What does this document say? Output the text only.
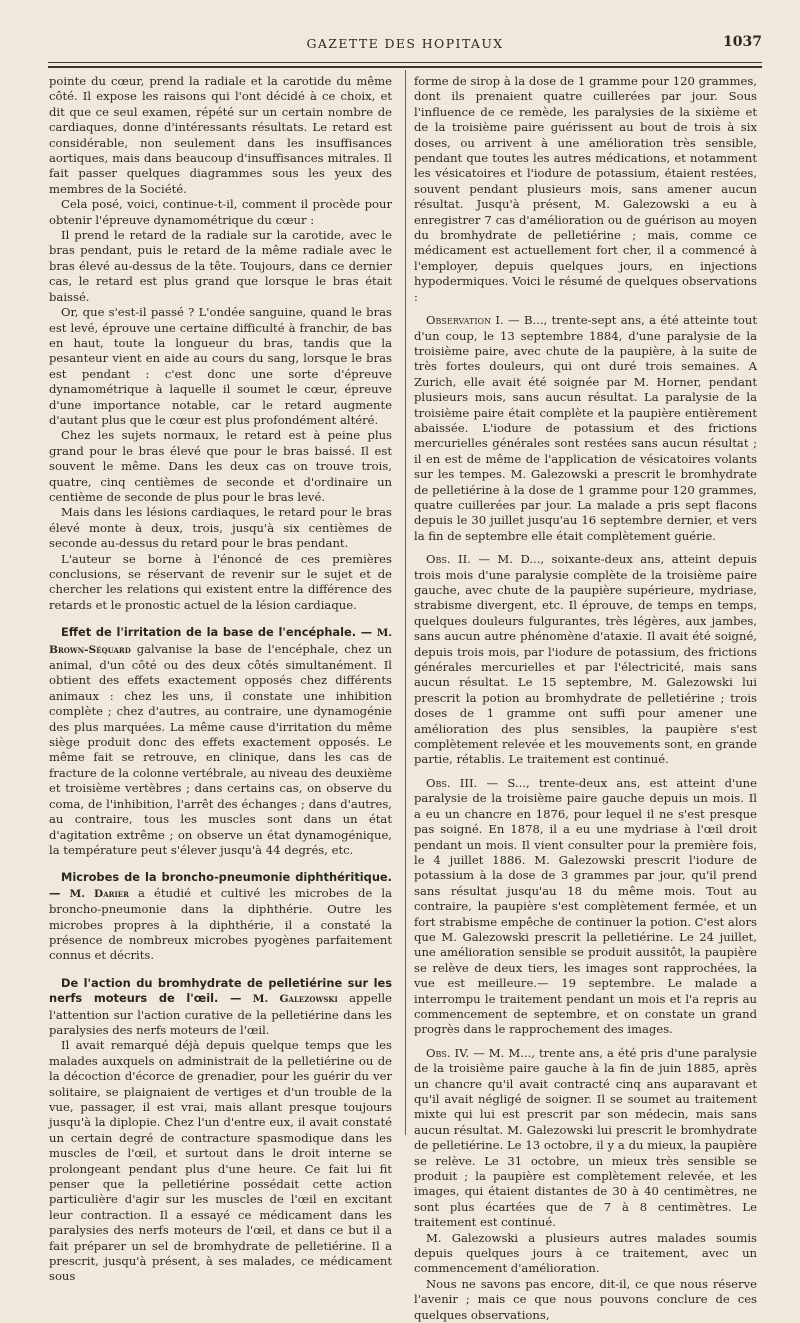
GAZETTE DES HOPITAUX	1037

pointe du cœur, prend la radiale et la carotide du même côté. Il expose les raisons qui l'ont décidé à ce choix, et dit que ce seul examen, répété sur un certain nombre de cardiaques, donne d'intéressants résultats. Le retard est considérable, non seulement dans les insuffisances aortiques, mais dans beaucoup d'insuffisances mitrales. Il fait passer quelques diagrammes sous les yeux des membres de la Société.

Cela posé, voici, continue-t-il, comment il procède pour obtenir l'épreuve dynamométrique du cœur :

Il prend le retard de la radiale sur la carotide, avec le bras pendant, puis le retard de la même radiale avec le bras élevé au-dessus de la tête. Toujours, dans ce dernier cas, le retard est plus grand que lorsque le bras était baissé.

Or, que s'est-il passé ? L'ondée sanguine, quand le bras est levé, éprouve une certaine difficulté à franchir, de bas en haut, toute la longueur du bras, tandis que la pesanteur vient en aide au cours du sang, lorsque le bras est pendant : c'est donc une sorte d'épreuve dynamométrique à laquelle il soumet le cœur, épreuve d'une importance notable, car le retard augmente d'autant plus que le cœur est plus profondément altéré.

Chez les sujets normaux, le retard est à peine plus grand pour le bras élevé que pour le bras baissé. Il est souvent le même. Dans les deux cas on trouve trois, quatre, cinq centièmes de seconde et d'ordinaire un centième de seconde de plus pour le bras levé.

Mais dans les lésions cardiaques, le retard pour le bras élevé monte à deux, trois, jusqu'à six centièmes de seconde au-dessus du retard pour le bras pendant.

L'auteur se borne à l'énoncé de ces premières conclusions, se réservant de revenir sur le sujet et de chercher les relations qui existent entre la différence des retards et le pronostic actuel de la lésion cardiaque.

Effet de l'irritation de la base de l'encéphale. — M. Brown-Séquard galvanise la base de l'encéphale, chez un animal, d'un côté ou des deux côtés simultanément. Il obtient des effets exactement opposés chez différents animaux : chez les uns, il constate une inhibition complète ; chez d'autres, au contraire, une dynamogénie des plus marquées. La même cause d'irritation du même siège produit donc des effets exactement opposés. Le même fait se retrouve, en clinique, dans les cas de fracture de la colonne vertébrale, au niveau des deuxième et troisième vertèbres ; dans certains cas, on observe du coma, de l'inhibition, l'arrêt des échanges ; dans d'autres, au contraire, tous les muscles sont dans un état d'agitation extrême ; on observe un état dynamogénique, la température peut s'élever jusqu'à 44 degrés, etc.

Microbes de la broncho-pneumonie diphthéritique. — M. Darier a étudié et cultivé les microbes de la broncho-pneumonie dans la diphthérie. Outre les microbes propres à la diphthérie, il a constaté la présence de nombreux microbes pyogènes parfaitement connus et décrits.

De l'action du bromhydrate de pelletiérine sur les nerfs moteurs de l'œil. — M. Galezowski appelle l'attention sur l'action curative de la pelletiérine dans les paralysies des nerfs moteurs de l'œil.

Il avait remarqué déjà depuis quelque temps que les malades auxquels on administrait de la pelletiérine ou de la décoction d'écorce de grenadier, pour les guérir du ver solitaire, se plaignaient de vertiges et d'un trouble de la vue, passager, il est vrai, mais allant presque toujours jusqu'à la diplopie. Chez l'un d'entre eux, il avait constaté un certain degré de contracture spasmodique dans les muscles de l'œil, et surtout dans le droit interne se prolongeant pendant plus d'une heure. Ce fait lui fit penser que la pelletiérine possédait cette action particulière d'agir sur les muscles de l'œil en excitant leur contraction. Il a essayé ce médicament dans les paralysies des nerfs moteurs de l'œil, et dans ce but il a fait préparer un sel de bromhydrate de pelletiérine. Il a prescrit, jusqu'à présent, à ses malades, ce médicament sous

forme de sirop à la dose de 1 gramme pour 120 grammes, dont ils prenaient quatre cuillerées par jour. Sous l'influence de ce remède, les paralysies de la sixième et de la troisième paire guérissent au bout de trois à six doses, ou arrivent à une amélioration très sensible, pendant que toutes les autres médications, et notamment les vésicatoires et l'iodure de potassium, étaient restées, souvent pendant plusieurs mois, sans amener aucun résultat. Jusqu'à présent, M. Galezowski a eu à enregistrer 7 cas d'amélioration ou de guérison au moyen du bromhydrate de pelletiérine ; mais, comme ce médicament est actuellement fort cher, il a commencé à l'employer, depuis quelques jours, en injections hypodermiques. Voici le résumé de quelques observations :

Observation I. — B..., trente-sept ans, a été atteinte tout d'un coup, le 13 septembre 1884, d'une paralysie de la troisième paire, avec chute de la paupière, à la suite de très fortes douleurs, qui ont duré trois semaines. A Zurich, elle avait été soignée par M. Horner, pendant plusieurs mois, sans aucun résultat. La paralysie de la troisième paire était complète et la paupière entièrement abaissée. L'iodure de potassium et des frictions mercurielles générales sont restées sans aucun résultat ; il en est de même de l'application de vésicatoires volants sur les tempes. M. Galezowski a prescrit le bromhydrate de pelletiérine à la dose de 1 gramme pour 120 grammes, quatre cuillerées par jour. La malade a pris sept flacons depuis le 30 juillet jusqu'au 16 septembre dernier, et vers la fin de septembre elle était complètement guérie.

Obs. II. — M. D..., soixante-deux ans, atteint depuis trois mois d'une paralysie complète de la troisième paire gauche, avec chute de la paupière supérieure, mydriase, strabisme divergent, etc. Il éprouve, de temps en temps, quelques douleurs fulgurantes, très légères, aux jambes, sans aucun autre phénomène d'ataxie. Il avait été soigné, depuis trois mois, par l'iodure de potassium, des frictions générales mercurielles et par l'électricité, mais sans aucun résultat. Le 15 septembre, M. Galezowski lui prescrit la potion au bromhydrate de pelletiérine ; trois doses de 1 gramme ont suffi pour amener une amélioration des plus sensibles, la paupière s'est complètement relevée et les mouvements sont, en grande partie, rétablis. Le traitement est continué.

Obs. III. — S..., trente-deux ans, est atteint d'une paralysie de la troisième paire gauche depuis un mois. Il a eu un chancre en 1876, pour lequel il ne s'est presque pas soigné. En 1878, il a eu une mydriase à l'œil droit pendant un mois. Il vient consulter pour la première fois, le 4 juillet 1886. M. Galezowski prescrit l'iodure de potassium à la dose de 3 grammes par jour, qu'il prend sans résultat jusqu'au 18 du même mois. Tout au contraire, la paupière s'est complètement fermée, et un fort strabisme empêche de continuer la potion. C'est alors que M. Galezowski prescrit la pelletiérine. Le 24 juillet, une amélioration sensible se produit aussitôt, la paupière se relève de deux tiers, les images sont rapprochées, la vue est meilleure.— 19 septembre. Le malade a interrompu le traitement pendant un mois et l'a repris au commencement de septembre, et on constate un grand progrès dans le rapprochement des images.

Obs. IV. — M. M..., trente ans, a été pris d'une paralysie de la troisième paire gauche à la fin de juin 1885, après un chancre qu'il avait contracté cinq ans auparavant et qu'il avait négligé de soigner. Il se soumet au traitement mixte qui lui est prescrit par son médecin, mais sans aucun résultat. M. Galezowski lui prescrit le bromhydrate de pelletiérine. Le 13 octobre, il y a du mieux, la paupière se relève. Le 31 octobre, un mieux très sensible se produit ; la paupière est complètement relevée, et les images, qui étaient distantes de 30 à 40 centimètres, ne sont plus écartées que de 7 à 8 centimètres. Le traitement est continué.

M. Galezowski a plusieurs autres malades soumis depuis quelques jours à ce traitement, avec un commencement d'amélioration.

Nous ne savons pas encore, dit-il, ce que nous réserve l'avenir ; mais ce que nous pouvons conclure de ces quelques observations,
